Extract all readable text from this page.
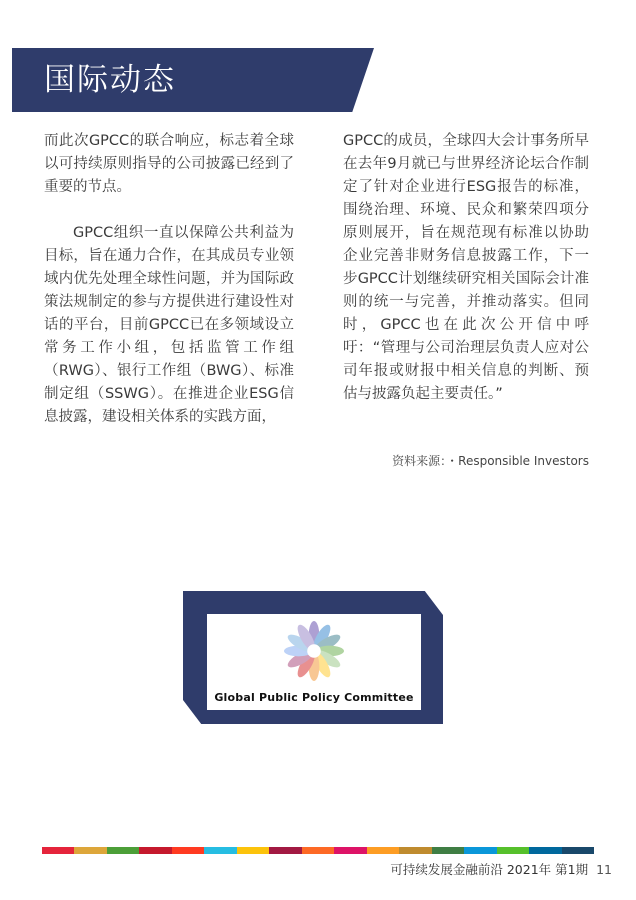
国际动态

而此次GPCC的联合响应，标志着全球以可持续原则指导的公司披露已经到了重要的节点。

GPCC组织一直以保障公共利益为目标，旨在通力合作，在其成员专业领域内优先处理全球性问题，并为国际政策法规制定的参与方提供进行建设性对话的平台，目前GPCC已在多领域设立常务工作小组，包括监管工作组（RWG）、银行工作组（BWG）、标准制定组（SSWG）。在推进企业ESG信息披露，建设相关体系的实践方面，

GPCC的成员，全球四大会计事务所早在去年9月就已与世界经济论坛合作制定了针对企业进行ESG报告的标准，围绕治理、环境、民众和繁荣四项分原则展开，旨在规范现有标准以协助企业完善非财务信息披露工作，下一步GPCC计划继续研究相关国际会计准则的统一与完善，并推动落实。但同时，GPCC也在此次公开信中呼吁：“管理与公司治理层负责人应对公司年报或财报中相关信息的判断、预估与披露负起主要责任。”

资料来源：・Responsible Investors
Global Public Policy Committee
可持续发展金融前沿 2021年 第1期 11
